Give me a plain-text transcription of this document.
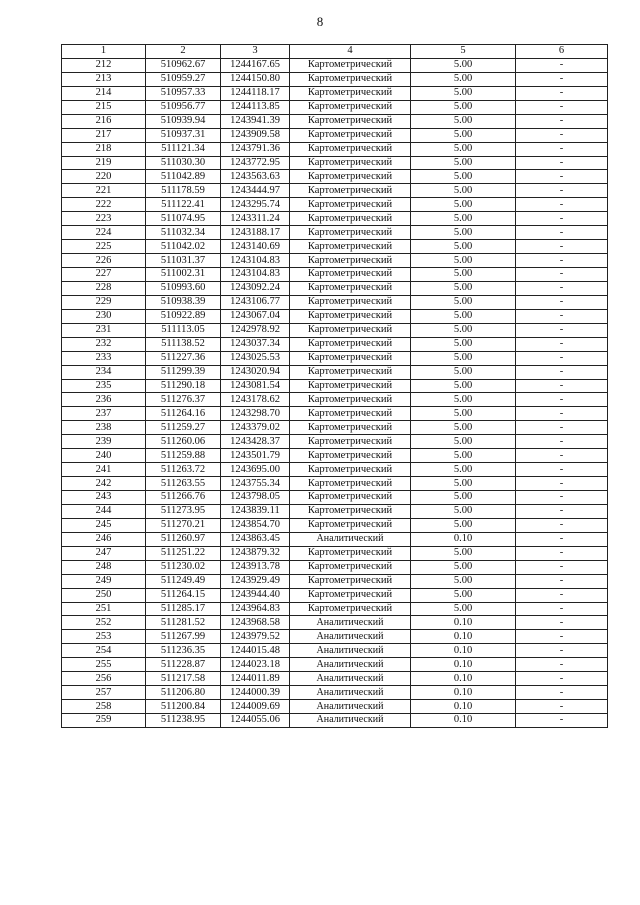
8
1	2	3	4	5	6
212	510962.67	1244167.65	Картометрический	5.00	-
213	510959.27	1244150.80	Картометрический	5.00	-
214	510957.33	1244118.17	Картометрический	5.00	-
215	510956.77	1244113.85	Картометрический	5.00	-
216	510939.94	1243941.39	Картометрический	5.00	-
217	510937.31	1243909.58	Картометрический	5.00	-
218	511121.34	1243791.36	Картометрический	5.00	-
219	511030.30	1243772.95	Картометрический	5.00	-
220	511042.89	1243563.63	Картометрический	5.00	-
221	511178.59	1243444.97	Картометрический	5.00	-
222	511122.41	1243295.74	Картометрический	5.00	-
223	511074.95	1243311.24	Картометрический	5.00	-
224	511032.34	1243188.17	Картометрический	5.00	-
225	511042.02	1243140.69	Картометрический	5.00	-
226	511031.37	1243104.83	Картометрический	5.00	-
227	511002.31	1243104.83	Картометрический	5.00	-
228	510993.60	1243092.24	Картометрический	5.00	-
229	510938.39	1243106.77	Картометрический	5.00	-
230	510922.89	1243067.04	Картометрический	5.00	-
231	511113.05	1242978.92	Картометрический	5.00	-
232	511138.52	1243037.34	Картометрический	5.00	-
233	511227.36	1243025.53	Картометрический	5.00	-
234	511299.39	1243020.94	Картометрический	5.00	-
235	511290.18	1243081.54	Картометрический	5.00	-
236	511276.37	1243178.62	Картометрический	5.00	-
237	511264.16	1243298.70	Картометрический	5.00	-
238	511259.27	1243379.02	Картометрический	5.00	-
239	511260.06	1243428.37	Картометрический	5.00	-
240	511259.88	1243501.79	Картометрический	5.00	-
241	511263.72	1243695.00	Картометрический	5.00	-
242	511263.55	1243755.34	Картометрический	5.00	-
243	511266.76	1243798.05	Картометрический	5.00	-
244	511273.95	1243839.11	Картометрический	5.00	-
245	511270.21	1243854.70	Картометрический	5.00	-
246	511260.97	1243863.45	Аналитический	0.10	-
247	511251.22	1243879.32	Картометрический	5.00	-
248	511230.02	1243913.78	Картометрический	5.00	-
249	511249.49	1243929.49	Картометрический	5.00	-
250	511264.15	1243944.40	Картометрический	5.00	-
251	511285.17	1243964.83	Картометрический	5.00	-
252	511281.52	1243968.58	Аналитический	0.10	-
253	511267.99	1243979.52	Аналитический	0.10	-
254	511236.35	1244015.48	Аналитический	0.10	-
255	511228.87	1244023.18	Аналитический	0.10	-
256	511217.58	1244011.89	Аналитический	0.10	-
257	511206.80	1244000.39	Аналитический	0.10	-
258	511200.84	1244009.69	Аналитический	0.10	-
259	511238.95	1244055.06	Аналитический	0.10	-
